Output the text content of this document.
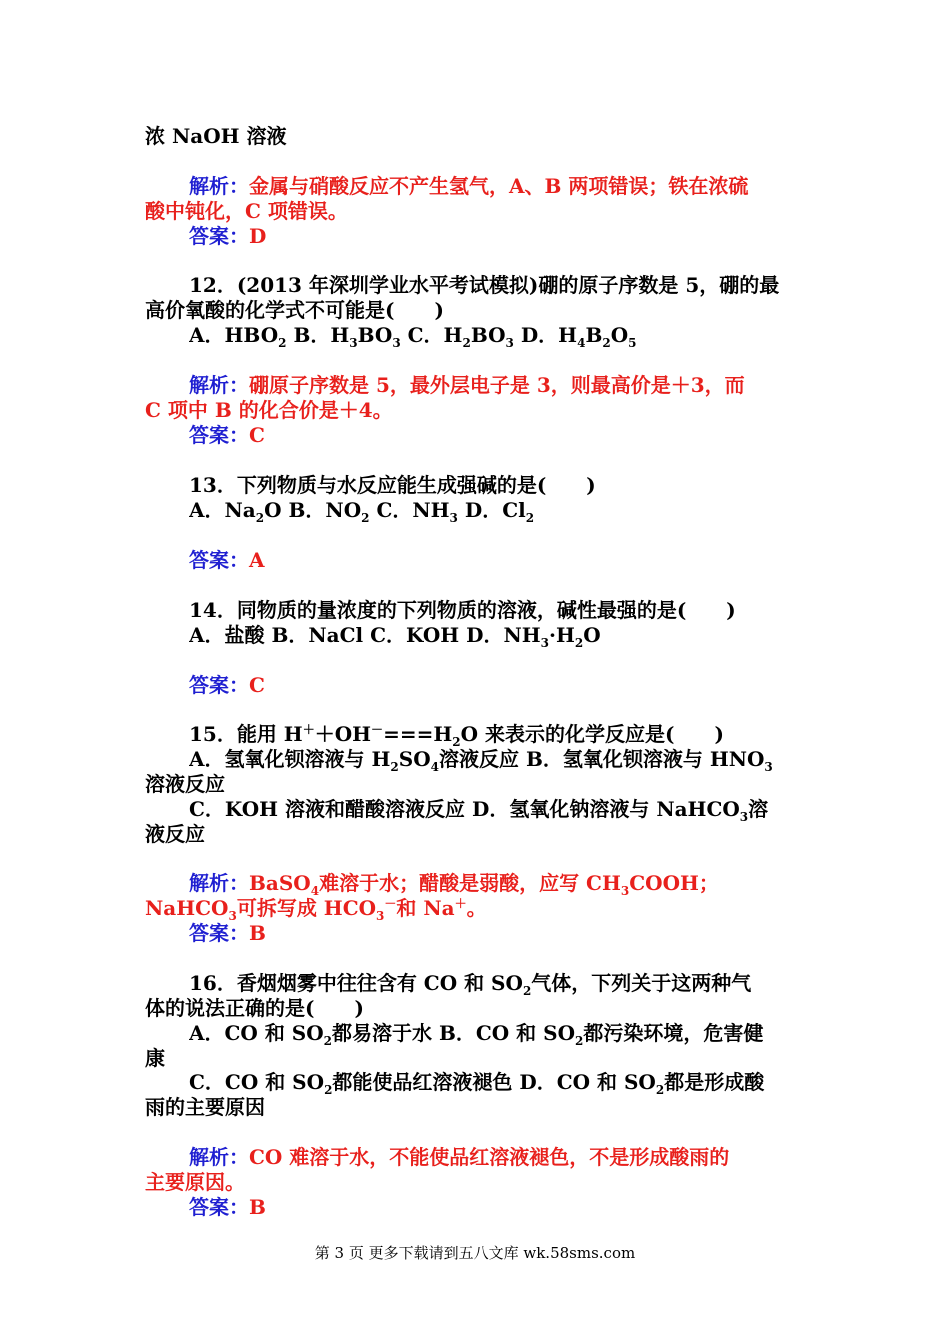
浓 NaOH 溶液
解析：金属与硝酸反应不产生氢气，A、B 两项错误；铁在浓硫
酸中钝化，C 项错误。
答案：D
12．(2013 年深圳学业水平考试模拟)硼的原子序数是 5，硼的最
高价氧酸的化学式不可能是(　　)
A．$HBO_2$ B．$H_3BO_3$ C．$H_2BO_3$ D．$H_4B_2O_5$
解析：硼原子序数是 5，最外层电子是 3，则最高价是＋3，而
C 项中 B 的化合价是＋4。
答案：C
13．下列物质与水反应能生成强碱的是(　　)
A．$Na_2O$ B．$NO_2$ C．$NH_3$ D．$Cl_2$
答案：A
14．同物质的量浓度的下列物质的溶液，碱性最强的是(　　)
A．盐酸 B．NaCl C．KOH D．$NH_3\cdot H_2O$
答案：C
15．能用 $H^++OH^-===H_2O$ 来表示的化学反应是(　　)
A．氢氧化钡溶液与 $H_2SO_4$溶液反应 B．氢氧化钡溶液与 $HNO_3$
溶液反应
C．KOH 溶液和醋酸溶液反应 D．氢氧化钠溶液与 NaHCO$_3$溶
液反应
解析：BaSO$_4$难溶于水；醋酸是弱酸，应写 $CH_3COOH$；
NaHCO$_3$可拆写成 $HCO_3^-$和 Na＋。
答案：B
16．香烟烟雾中往往含有 CO 和 $SO_2$气体，下列关于这两种气
体的说法正确的是(　　)
A．CO 和 $SO_2$都易溶于水 B．CO 和 $SO_2$都污染环境，危害健
康
C．CO 和 $SO_2$都能使品红溶液褪色 D．CO 和 $SO_2$都是形成酸
雨的主要原因
解析：CO 难溶于水，不能使品红溶液褪色，不是形成酸雨的
主要原因。
答案：B
第 3 页 更多下载请到五八文库 wk.58sms.com
